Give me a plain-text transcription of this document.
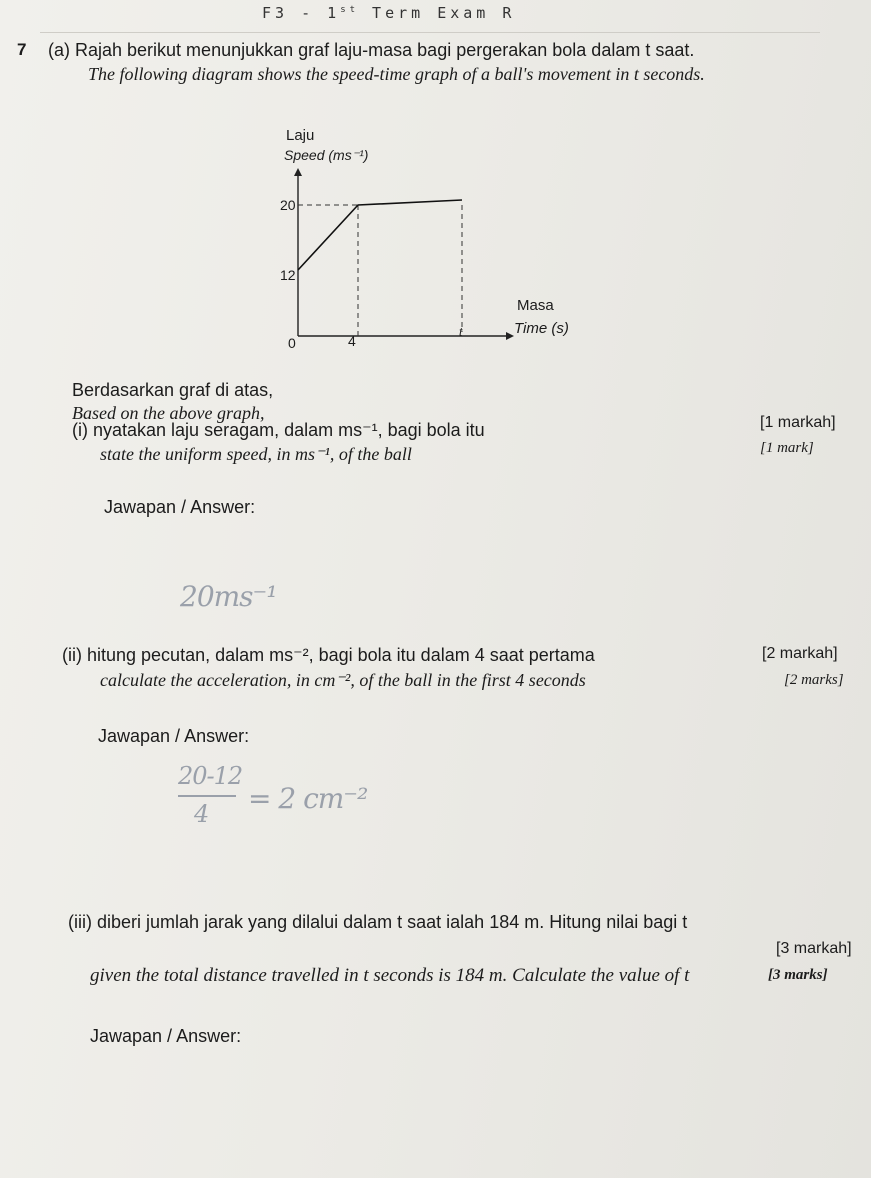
F3 - 1st Term Exam R
7 (a) Rajah berikut menunjukkan graf laju-masa bagi pergerakan bola dalam t saat.
The following diagram shows the speed-time graph of a ball's movement in t seconds.
Laju
Speed (ms⁻¹)
20
12
0	4
t
Masa
Time (s)
Berdasarkan graf di atas,
Based on the above graph,
(i) nyatakan laju seragam, dalam ms⁻¹, bagi bola itu
state the uniform speed, in ms⁻¹, of the ball
[1 markah]
[1 mark]
Jawapan / Answer:
20ms⁻¹
(ii) hitung pecutan, dalam ms⁻², bagi bola itu dalam 4 saat pertama
calculate the acceleration, in cm⁻², of the ball in the first 4 seconds
[2 markah]
[2 marks]
Jawapan / Answer:
20-12
4 = 2 cm⁻²
(iii) diberi jumlah jarak yang dilalui dalam t saat ialah 184 m. Hitung nilai bagi t
[3 markah]
given the total distance travelled in t seconds is 184 m. Calculate the value of t	[3 marks]
Jawapan / Answer:
